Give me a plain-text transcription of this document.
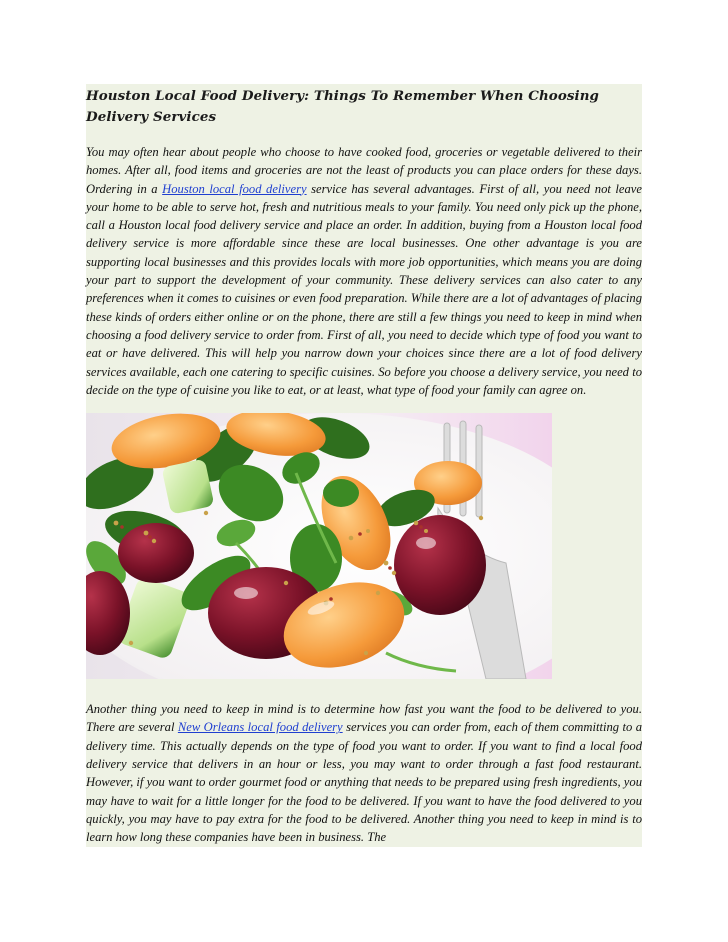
Houston Local Food Delivery: Things To Remember When Choosing Delivery Services

You may often hear about people who choose to have cooked food, groceries or vegetable delivered to their homes. After all, food items and groceries are not the least of products you can place orders for these days. Ordering in a Houston local food delivery service has several advantages. First of all, you need not leave your home to be able to serve hot, fresh and nutritious meals to your family. You need only pick up the phone, call a Houston local food delivery service and place an order. In addition, buying from a Houston local food delivery service is more affordable since these are local businesses. One other advantage is you are supporting local businesses and this provides locals with more job opportunities, which means you are doing your part to support the development of your community. These delivery services can also cater to any preferences when it comes to cuisines or even food preparation. While there are a lot of advantages of placing these kinds of orders either online or on the phone, there are still a few things you need to keep in mind when choosing a food delivery service to order from. First of all, you need to decide which type of food you want to eat or have delivered. This will help you narrow down your choices since there are a lot of food delivery services available, each one catering to specific cuisines. So before you choose a delivery service, you need to decide on the type of cuisine you like to eat, or at least, what type of food your family can agree on.

Another thing you need to keep in mind is to determine how fast you want the food to be delivered to you. There are several New Orleans local food delivery services you can order from, each of them committing to a delivery time. This actually depends on the type of food you want to order. If you want to find a local food delivery service that delivers in an hour or less, you may want to order through a fast food restaurant. However, if you want to order gourmet food or anything that needs to be prepared using fresh ingredients, you may have to wait for a little longer for the food to be delivered. If you want to have the food delivered to you quickly, you may have to pay extra for the food to be delivered. Another thing you need to keep in mind is to learn how long these companies have been in business. The
